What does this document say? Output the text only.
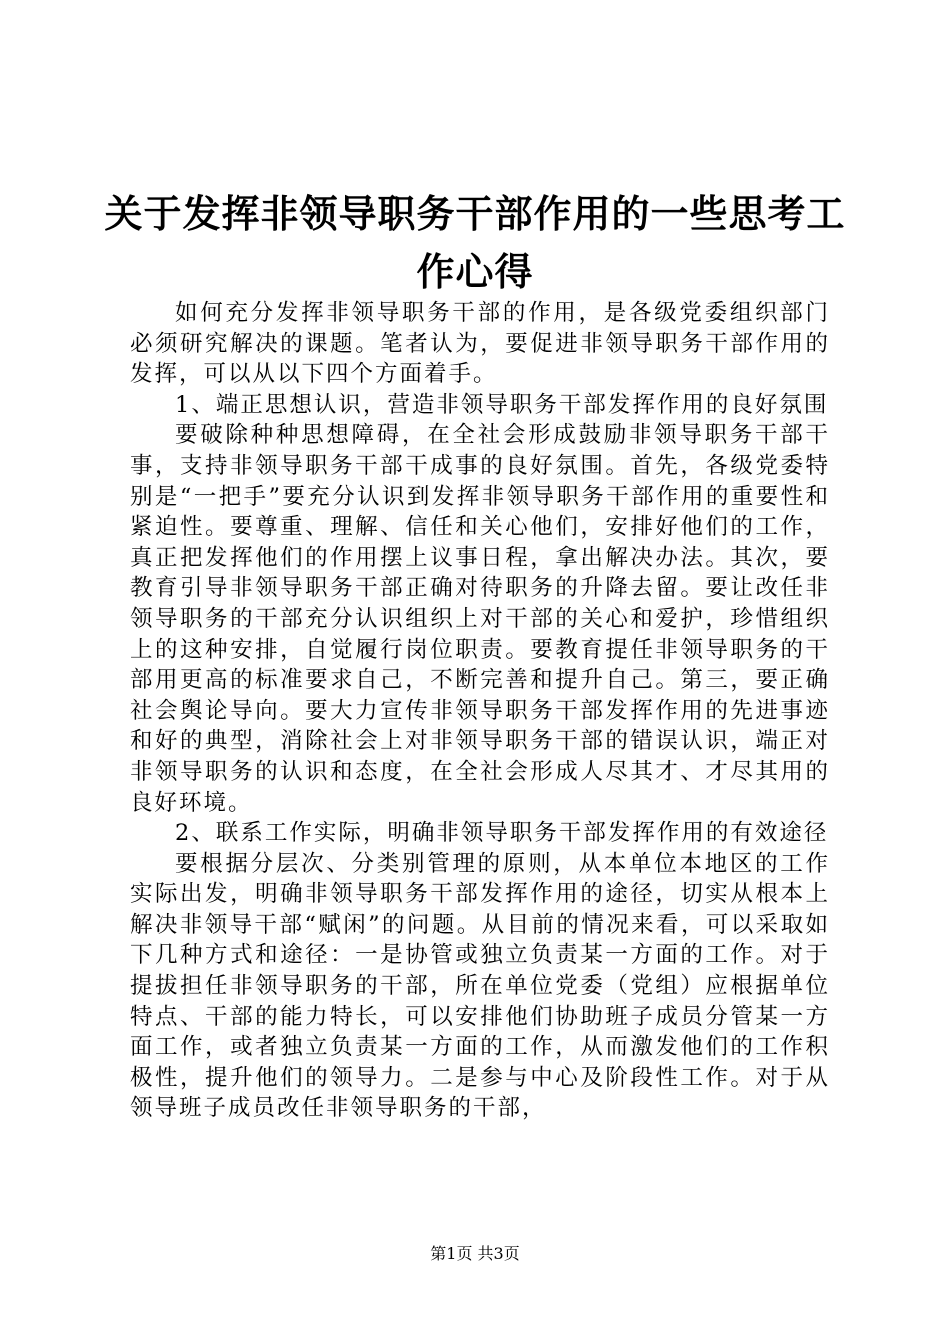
关于发挥非领导职务干部作用的一些思考工作心得

如何充分发挥非领导职务干部的作用，是各级党委组织部门必须研究解决的课题。笔者认为，要促进非领导职务干部作用的发挥，可以从以下四个方面着手。

1、端正思想认识，营造非领导职务干部发挥作用的良好氛围

要破除种种思想障碍，在全社会形成鼓励非领导职务干部干事，支持非领导职务干部干成事的良好氛围。首先，各级党委特别是“一把手”要充分认识到发挥非领导职务干部作用的重要性和紧迫性。要尊重、理解、信任和关心他们，安排好他们的工作，真正把发挥他们的作用摆上议事日程，拿出解决办法。其次，要教育引导非领导职务干部正确对待职务的升降去留。要让改任非领导职务的干部充分认识组织上对干部的关心和爱护，珍惜组织上的这种安排，自觉履行岗位职责。要教育提任非领导职务的干部用更高的标准要求自己，不断完善和提升自己。第三，要正确社会舆论导向。要大力宣传非领导职务干部发挥作用的先进事迹和好的典型，消除社会上对非领导职务干部的错误认识，端正对非领导职务的认识和态度，在全社会形成人尽其才、才尽其用的良好环境。

2、联系工作实际，明确非领导职务干部发挥作用的有效途径

要根据分层次、分类别管理的原则，从本单位本地区的工作实际出发，明确非领导职务干部发挥作用的途径，切实从根本上解决非领导干部“赋闲”的问题。从目前的情况来看，可以采取如下几种方式和途径：一是协管或独立负责某一方面的工作。对于提拔担任非领导职务的干部，所在单位党委（党组）应根据单位特点、干部的能力特长，可以安排他们协助班子成员分管某一方面工作，或者独立负责某一方面的工作，从而激发他们的工作积极性，提升他们的领导力。二是参与中心及阶段性工作。对于从领导班子成员改任非领导职务的干部，

第1页 共3页
